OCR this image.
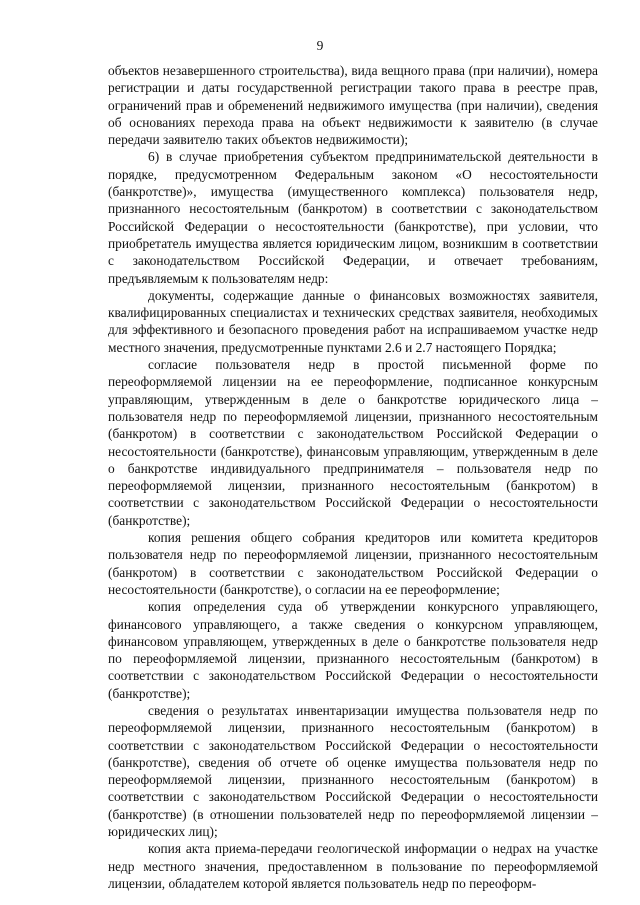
9

объектов незавершенного строительства), вида вещного права (при наличии), номера регистрации и даты государственной регистрации такого права в реестре прав, ограничений прав и обременений недвижимого имущества (при наличии), сведения об основаниях перехода права на объект недвижимости к заявителю (в случае передачи заявителю таких объектов недвижимости);

6) в случае приобретения субъектом предпринимательской деятельности в порядке, предусмотренном Федеральным законом «О несостоятельности (банкротстве)», имущества (имущественного комплекса) пользователя недр, признанного несостоятельным (банкротом) в соответствии с законодательством Российской Федерации о несостоятельности (банкротстве), при условии, что приобретатель имущества является юридическим лицом, возникшим в соответствии с законодательством Российской Федерации, и отвечает требованиям, предъявляемым к пользователям недр:

документы, содержащие данные о финансовых возможностях заявителя, квалифицированных специалистах и технических средствах заявителя, необходимых для эффективного и безопасного проведения работ на испрашиваемом участке недр местного значения, предусмотренные пунктами 2.6 и 2.7 настоящего Порядка;

согласие пользователя недр в простой письменной форме по переоформляемой лицензии на ее переоформление, подписанное конкурсным управляющим, утвержденным в деле о банкротстве юридического лица – пользователя недр по переоформляемой лицензии, признанного несостоятельным (банкротом) в соответствии с законодательством Российской Федерации о несостоятельности (банкротстве), финансовым управляющим, утвержденным в деле о банкротстве индивидуального предпринимателя – пользователя недр по переоформляемой лицензии, признанного несостоятельным (банкротом) в соответствии с законодательством Российской Федерации о несостоятельности (банкротстве);

копия решения общего собрания кредиторов или комитета кредиторов пользователя недр по переоформляемой лицензии, признанного несостоятельным (банкротом) в соответствии с законодательством Российской Федерации о несостоятельности (банкротстве), о согласии на ее переоформление;

копия определения суда об утверждении конкурсного управляющего, финансового управляющего, а также сведения о конкурсном управляющем, финансовом управляющем, утвержденных в деле о банкротстве пользователя недр по переоформляемой лицензии, признанного несостоятельным (банкротом) в соответствии с законодательством Российской Федерации о несостоятельности (банкротстве);

сведения о результатах инвентаризации имущества пользователя недр по переоформляемой лицензии, признанного несостоятельным (банкротом) в соответствии с законодательством Российской Федерации о несостоятельности (банкротстве), сведения об отчете об оценке имущества пользователя недр по переоформляемой лицензии, признанного несостоятельным (банкротом) в соответствии с законодательством Российской Федерации о несостоятельности (банкротстве) (в отношении пользователей недр по переоформляемой лицензии – юридических лиц);

копия акта приема-передачи геологической информации о недрах на участке недр местного значения, предоставленном в пользование по переоформляемой лицензии, обладателем которой является пользователь недр по переоформ-
